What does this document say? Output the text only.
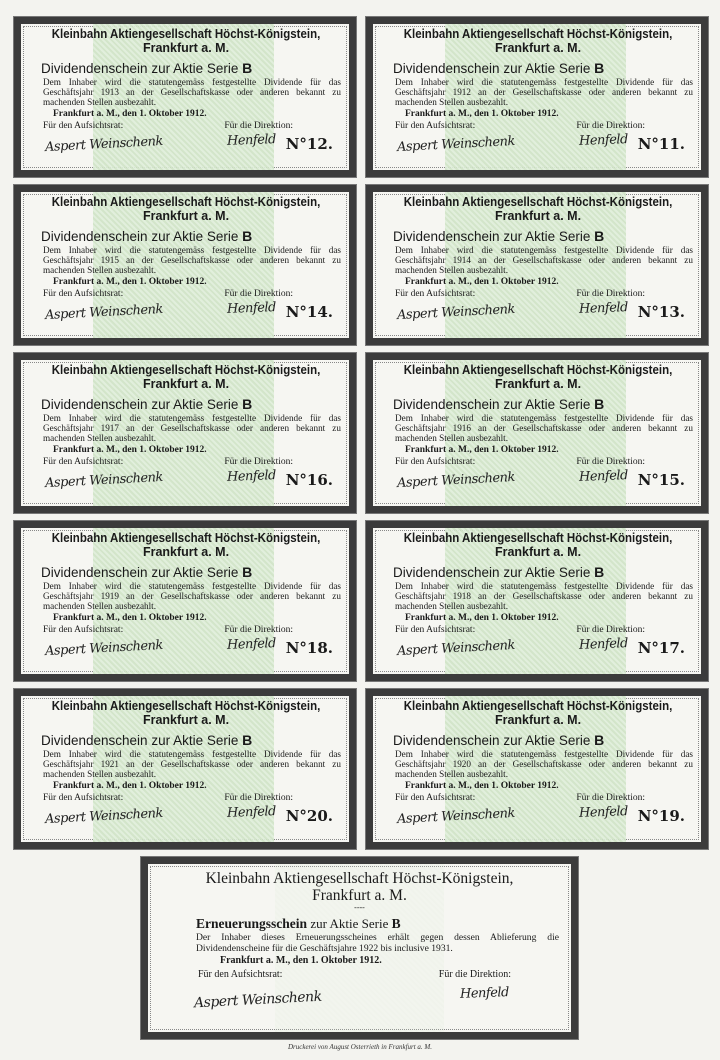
Kleinbahn Aktiengesellschaft Höchst-Königstein,
Frankfurt a. M.
Dividendenschein zur Aktie Serie B
Dem Inhaber wird die statutengemäss festgestellte Dividende für das Geschäftsjahr 1913 an der Gesellschaftskasse oder anderen bekannt zu machenden Stellen ausbezahlt.
Frankfurt a. M., den 1. Oktober 1912.
Für den Aufsichtsrat:	Für die Direktion:
Aspert Weinschenk	Henfeld N°12.
Kleinbahn Aktiengesellschaft Höchst-Königstein,
Frankfurt a. M.
Dividendenschein zur Aktie Serie B
Dem Inhaber wird die statutengemäss festgestellte Dividende für das Geschäftsjahr 1912 an der Gesellschaftskasse oder anderen bekannt zu machenden Stellen ausbezahlt.
Frankfurt a. M., den 1. Oktober 1912.
Für den Aufsichtsrat:	Für die Direktion:
Aspert Weinschenk	Henfeld N°11.
Kleinbahn Aktiengesellschaft Höchst-Königstein,
Frankfurt a. M.
Dividendenschein zur Aktie Serie B
Dem Inhaber wird die statutengemäss festgestellte Dividende für das Geschäftsjahr 1915 an der Gesellschaftskasse oder anderen bekannt zu machenden Stellen ausbezahlt.
Frankfurt a. M., den 1. Oktober 1912.
Für den Aufsichtsrat:	Für die Direktion:
Aspert Weinschenk	Henfeld N°14.
Kleinbahn Aktiengesellschaft Höchst-Königstein,
Frankfurt a. M.
Dividendenschein zur Aktie Serie B
Dem Inhaber wird die statutengemäss festgestellte Dividende für das Geschäftsjahr 1914 an der Gesellschaftskasse oder anderen bekannt zu machenden Stellen ausbezahlt.
Frankfurt a. M., den 1. Oktober 1912.
Für den Aufsichtsrat:	Für die Direktion:
Aspert Weinschenk	Henfeld N°13.
Kleinbahn Aktiengesellschaft Höchst-Königstein,
Frankfurt a. M.
Dividendenschein zur Aktie Serie B
Dem Inhaber wird die statutengemäss festgestellte Dividende für das Geschäftsjahr 1917 an der Gesellschaftskasse oder anderen bekannt zu machenden Stellen ausbezahlt.
Frankfurt a. M., den 1. Oktober 1912.
Für den Aufsichtsrat:	Für die Direktion:
Aspert Weinschenk	Henfeld N°16.
Kleinbahn Aktiengesellschaft Höchst-Königstein,
Frankfurt a. M.
Dividendenschein zur Aktie Serie B
Dem Inhaber wird die statutengemäss festgestellte Dividende für das Geschäftsjahr 1916 an der Gesellschaftskasse oder anderen bekannt zu machenden Stellen ausbezahlt.
Frankfurt a. M., den 1. Oktober 1912.
Für den Aufsichtsrat:	Für die Direktion:
Aspert Weinschenk	Henfeld N°15.
Kleinbahn Aktiengesellschaft Höchst-Königstein,
Frankfurt a. M.
Dividendenschein zur Aktie Serie B
Dem Inhaber wird die statutengemäss festgestellte Dividende für das Geschäftsjahr 1919 an der Gesellschaftskasse oder anderen bekannt zu machenden Stellen ausbezahlt.
Frankfurt a. M., den 1. Oktober 1912.
Für den Aufsichtsrat:	Für die Direktion:
Aspert Weinschenk	Henfeld N°18.
Kleinbahn Aktiengesellschaft Höchst-Königstein,
Frankfurt a. M.
Dividendenschein zur Aktie Serie B
Dem Inhaber wird die statutengemäss festgestellte Dividende für das Geschäftsjahr 1918 an der Gesellschaftskasse oder anderen bekannt zu machenden Stellen ausbezahlt.
Frankfurt a. M., den 1. Oktober 1912.
Für den Aufsichtsrat:	Für die Direktion:
Aspert Weinschenk	Henfeld N°17.
Kleinbahn Aktiengesellschaft Höchst-Königstein,
Frankfurt a. M.
Dividendenschein zur Aktie Serie B
Dem Inhaber wird die statutengemäss festgestellte Dividende für das Geschäftsjahr 1921 an der Gesellschaftskasse oder anderen bekannt zu machenden Stellen ausbezahlt.
Frankfurt a. M., den 1. Oktober 1912.
Für den Aufsichtsrat:	Für die Direktion:
Aspert Weinschenk	Henfeld N°20.
Kleinbahn Aktiengesellschaft Höchst-Königstein,
Frankfurt a. M.
Dividendenschein zur Aktie Serie B
Dem Inhaber wird die statutengemäss festgestellte Dividende für das Geschäftsjahr 1920 an der Gesellschaftskasse oder anderen bekannt zu machenden Stellen ausbezahlt.
Frankfurt a. M., den 1. Oktober 1912.
Für den Aufsichtsrat:	Für die Direktion:
Aspert Weinschenk	Henfeld N°19.
Kleinbahn Aktiengesellschaft Höchst-Königstein,
Frankfurt a. M.
----
Erneuerungsschein zur Aktie Serie B
Der Inhaber dieses Erneuerungsscheines erhält gegen dessen Ablieferung die Dividendenscheine für die Geschäftsjahre 1922 bis inclusive 1931.
Frankfurt a. M., den 1. Oktober 1912.
Für den Aufsichtsrat:	Für die Direktion:
Aspert Weinschenk	Henfeld
Druckerei von August Osterrieth in Frankfurt a. M.
